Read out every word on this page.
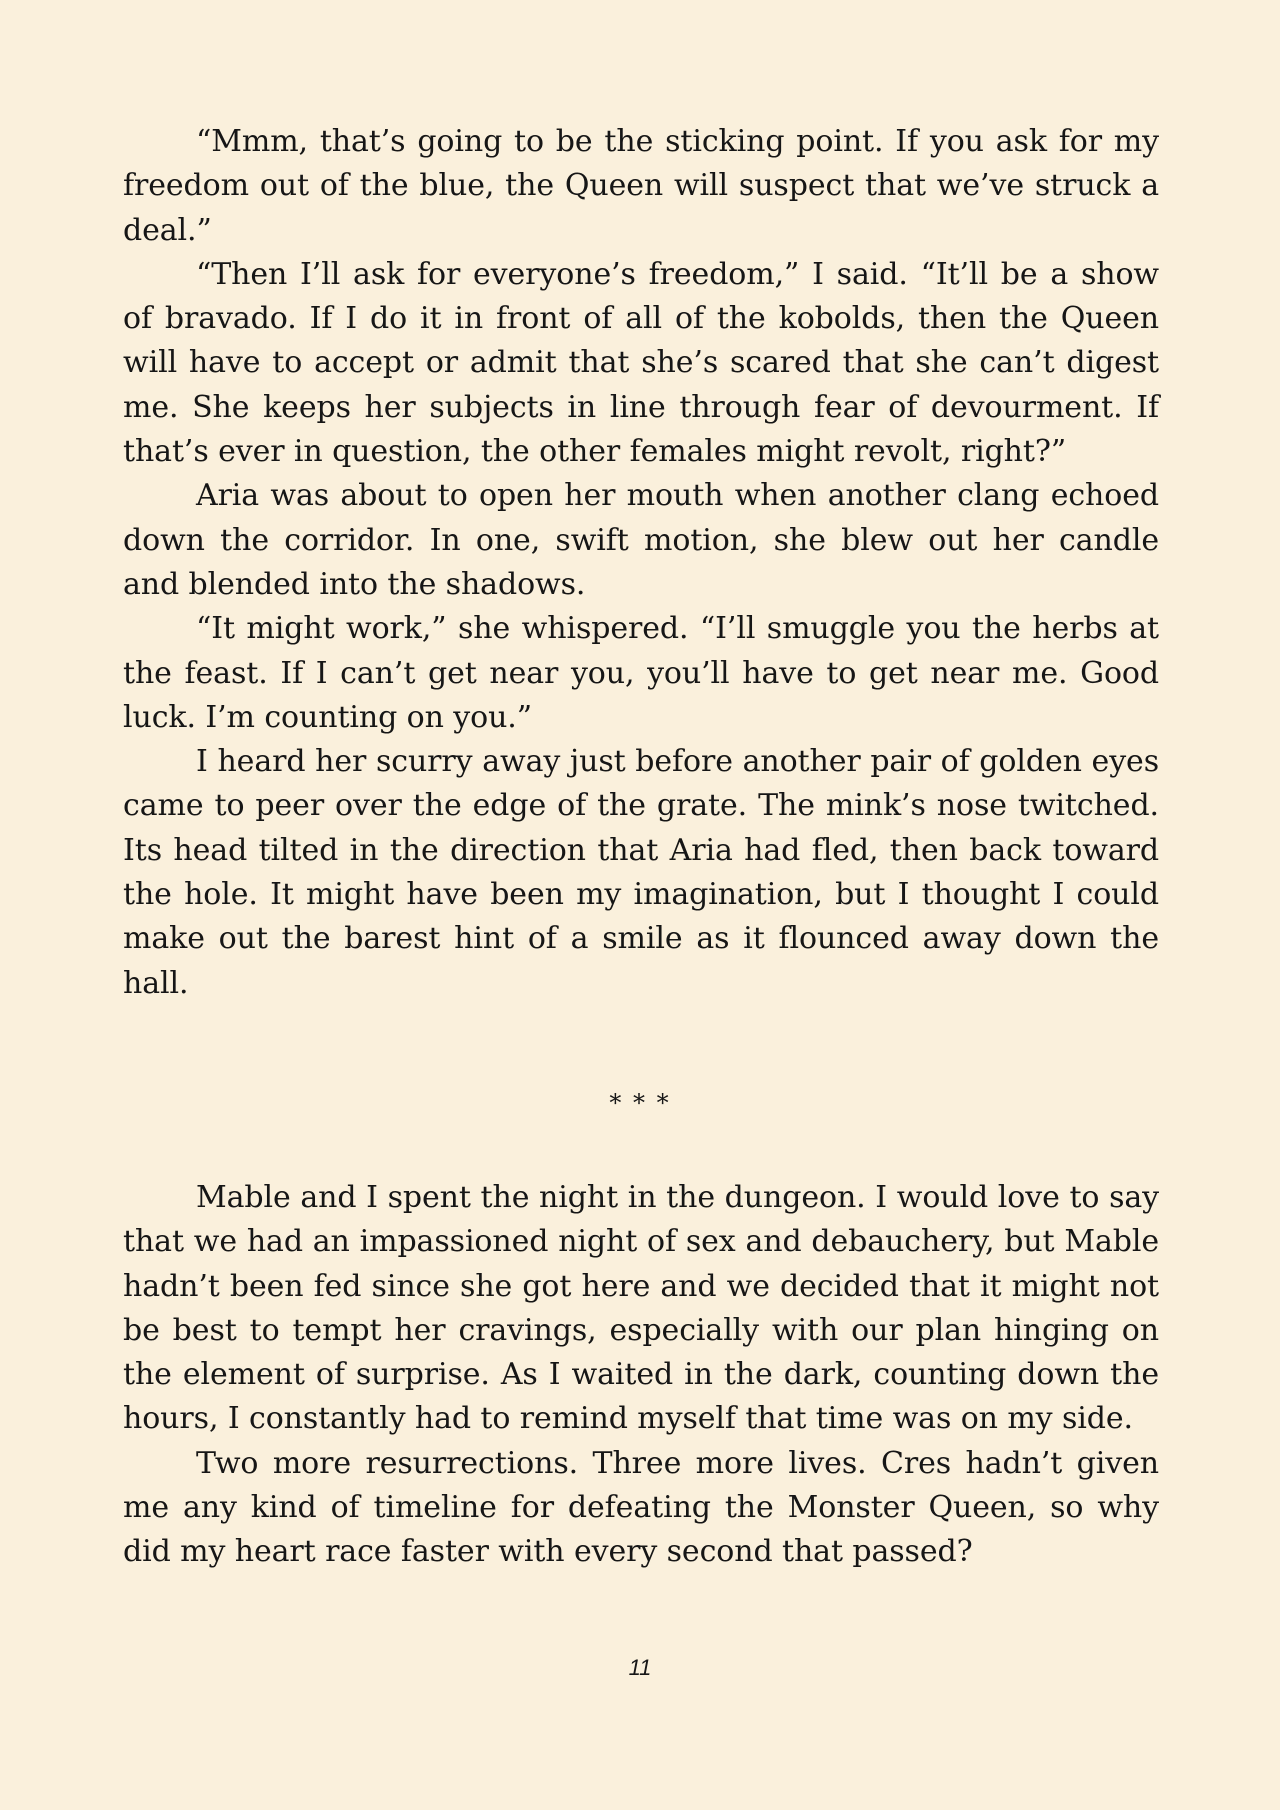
“Mmm, that’s going to be the sticking point. If you ask for my freedom out of the blue, the Queen will suspect that we’ve struck a deal.”

“Then I’ll ask for everyone’s freedom,” I said. “It’ll be a show of bravado. If I do it in front of all of the kobolds, then the Queen will have to accept or admit that she’s scared that she can’t digest me. She keeps her subjects in line through fear of devourment. If that’s ever in question, the other females might revolt, right?”

Aria was about to open her mouth when another clang echoed down the corridor. In one, swift motion, she blew out her candle and blended into the shadows.

“It might work,” she whispered. “I’ll smuggle you the herbs at the feast. If I can’t get near you, you’ll have to get near me. Good luck. I’m counting on you.”

I heard her scurry away just before another pair of golden eyes came to peer over the edge of the grate. The mink’s nose twitched. Its head tilted in the direction that Aria had fled, then back toward the hole. It might have been my imagination, but I thought I could make out the barest hint of a smile as it flounced away down the hall.

* * *

Mable and I spent the night in the dungeon. I would love to say that we had an impassioned night of sex and debauchery, but Mable hadn’t been fed since she got here and we decided that it might not be best to tempt her cravings, especially with our plan hinging on the element of surprise. As I waited in the dark, counting down the hours, I constantly had to remind myself that time was on my side.

Two more resurrections. Three more lives. Cres hadn’t given me any kind of timeline for defeating the Monster Queen, so why did my heart race faster with every second that passed?

11
